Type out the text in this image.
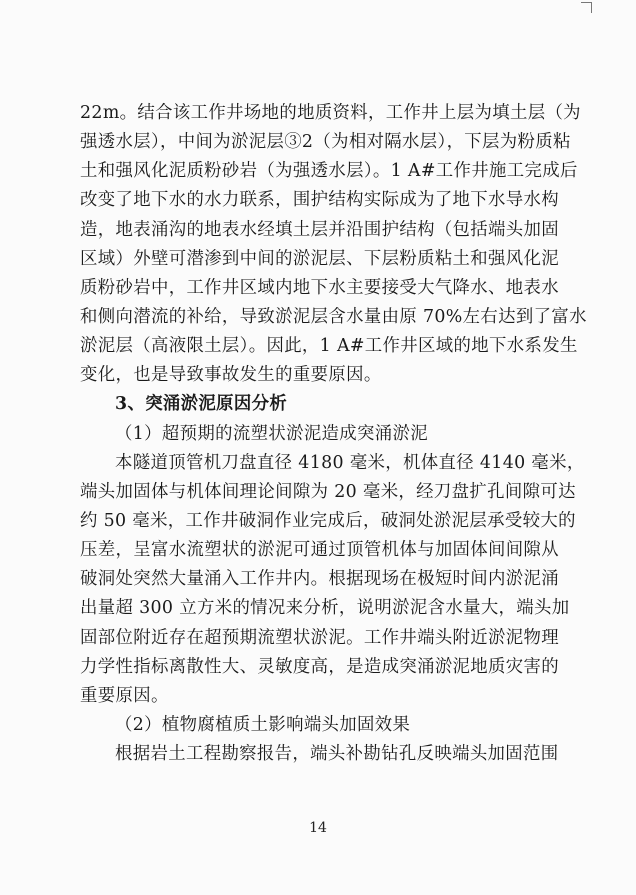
22m。结合该工作井场地的地质资料，工作井上层为填土层（为
强透水层），中间为淤泥层③2（为相对隔水层），下层为粉质粘
土和强风化泥质粉砂岩（为强透水层）。1 A#工作井施工完成后
改变了地下水的水力联系，围护结构实际成为了地下水导水构
造，地表涌沟的地表水经填土层并沿围护结构（包括端头加固
区域）外壁可潜渗到中间的淤泥层、下层粉质粘土和强风化泥
质粉砂岩中，工作井区域内地下水主要接受大气降水、地表水
和侧向潜流的补给，导致淤泥层含水量由原 70%左右达到了富水
淤泥层（高液限土层）。因此，1 A#工作井区域的地下水系发生
变化，也是导致事故发生的重要原因。
3、突涌淤泥原因分析
（1）超预期的流塑状淤泥造成突涌淤泥
本隧道顶管机刀盘直径 4180 毫米，机体直径 4140 毫米，
端头加固体与机体间理论间隙为 20 毫米，经刀盘扩孔间隙可达
约 50 毫米，工作井破洞作业完成后，破洞处淤泥层承受较大的
压差，呈富水流塑状的淤泥可通过顶管机体与加固体间间隙从
破洞处突然大量涌入工作井内。根据现场在极短时间内淤泥涌
出量超 300 立方米的情况来分析，说明淤泥含水量大，端头加
固部位附近存在超预期流塑状淤泥。工作井端头附近淤泥物理
力学性指标离散性大、灵敏度高，是造成突涌淤泥地质灾害的
重要原因。
（2）植物腐植质土影响端头加固效果
根据岩土工程勘察报告，端头补勘钻孔反映端头加固范围
14
